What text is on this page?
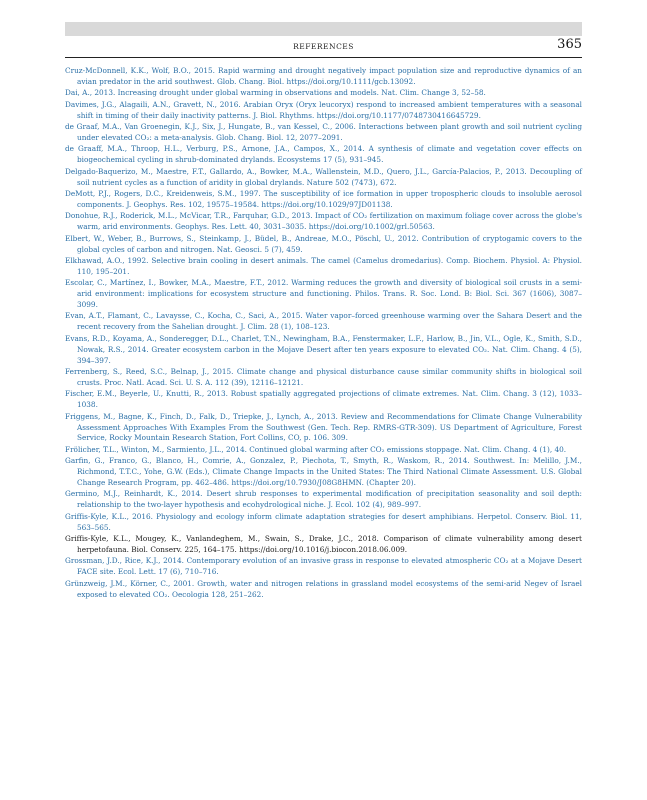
REFERENCES	365

Cruz-McDonnell, K.K., Wolf, B.O., 2015. Rapid warming and drought negatively impact population size and reproductive dynamics of an avian predator in the arid southwest. Glob. Chang. Biol. https://doi.org/10.1111/gcb.13092.

Dai, A., 2013. Increasing drought under global warming in observations and models. Nat. Clim. Change 3, 52–58.

Davimes, J.G., Alagaili, A.N., Gravett, N., 2016. Arabian Oryx (Oryx leucoryx) respond to increased ambient temperatures with a seasonal shift in timing of their daily inactivity patterns. J. Biol. Rhythms. https://doi.org/10.1177/0748730416645729.

de Graaf, M.A., Van Groenegin, K.J., Six, J., Hungate, B., van Kessel, C., 2006. Interactions between plant growth and soil nutrient cycling under elevated CO₂: a meta-analysis. Glob. Chang. Biol. 12, 2077–2091.

de Graaff, M.A., Throop, H.L., Verburg, P.S., Arnone, J.A., Campos, X., 2014. A synthesis of climate and vegetation cover effects on biogeochemical cycling in shrub-dominated drylands. Ecosystems 17 (5), 931–945.

Delgado-Baquerizo, M., Maestre, F.T., Gallardo, A., Bowker, M.A., Wallenstein, M.D., Quero, J.L., García-Palacios, P., 2013. Decoupling of soil nutrient cycles as a function of aridity in global drylands. Nature 502 (7473), 672.

DeMott, P.J., Rogers, D.C., Kreidenweis, S.M., 1997. The susceptibility of ice formation in upper tropospheric clouds to insoluble aerosol components. J. Geophys. Res. 102, 19575–19584. https://doi.org/10.1029/97JD01138.

Donohue, R.J., Roderick, M.L., McVicar, T.R., Farquhar, G.D., 2013. Impact of CO₂ fertilization on maximum foliage cover across the globe's warm, arid environments. Geophys. Res. Lett. 40, 3031–3035. https://doi.org/10.1002/grl.50563.

Elbert, W., Weber, B., Burrows, S., Steinkamp, J., Büdel, B., Andreae, M.O., Pöschl, U., 2012. Contribution of cryptogamic covers to the global cycles of carbon and nitrogen. Nat. Geosci. 5 (7), 459.

Elkhawad, A.O., 1992. Selective brain cooling in desert animals. The camel (Camelus dromedarius). Comp. Biochem. Physiol. A: Physiol. 110, 195–201.

Escolar, C., Martínez, I., Bowker, M.A., Maestre, F.T., 2012. Warming reduces the growth and diversity of biological soil crusts in a semi-arid environment: implications for ecosystem structure and functioning. Philos. Trans. R. Soc. Lond. B: Biol. Sci. 367 (1606), 3087–3099.

Evan, A.T., Flamant, C., Lavaysse, C., Kocha, C., Saci, A., 2015. Water vapor–forced greenhouse warming over the Sahara Desert and the recent recovery from the Sahelian drought. J. Clim. 28 (1), 108–123.

Evans, R.D., Koyama, A., Sonderegger, D.L., Charlet, T.N., Newingham, B.A., Fenstermaker, L.F., Harlow, B., Jin, V.L., Ogle, K., Smith, S.D., Nowak, R.S., 2014. Greater ecosystem carbon in the Mojave Desert after ten years exposure to elevated CO₂. Nat. Clim. Chang. 4 (5), 394–397.

Ferrenberg, S., Reed, S.C., Belnap, J., 2015. Climate change and physical disturbance cause similar community shifts in biological soil crusts. Proc. Natl. Acad. Sci. U. S. A. 112 (39), 12116–12121.

Fischer, E.M., Beyerle, U., Knutti, R., 2013. Robust spatially aggregated projections of climate extremes. Nat. Clim. Chang. 3 (12), 1033–1038.

Friggens, M., Bagne, K., Finch, D., Falk, D., Triepke, J., Lynch, A., 2013. Review and Recommendations for Climate Change Vulnerability Assessment Approaches With Examples From the Southwest (Gen. Tech. Rep. RMRS-GTR-309). US Department of Agriculture, Forest Service, Rocky Mountain Research Station, Fort Collins, CO, p. 106. 309.

Frölicher, T.L., Winton, M., Sarmiento, J.L., 2014. Continued global warming after CO₂ emissions stoppage. Nat. Clim. Chang. 4 (1), 40.

Garfin, G., Franco, G., Blanco, H., Comrie, A., Gonzalez, P., Piechota, T., Smyth, R., Waskom, R., 2014. Southwest. In: Melillo, J.M., Richmond, T.T.C., Yohe, G.W. (Eds.), Climate Change Impacts in the United States: The Third National Climate Assessment. U.S. Global Change Research Program, pp. 462–486. https://doi.org/10.7930/J08G8HMN. (Chapter 20).

Germino, M.J., Reinhardt, K., 2014. Desert shrub responses to experimental modification of precipitation seasonality and soil depth: relationship to the two-layer hypothesis and ecohydrological niche. J. Ecol. 102 (4), 989–997.

Griffis-Kyle, K.L., 2016. Physiology and ecology inform climate adaptation strategies for desert amphibians. Herpetol. Conserv. Biol. 11, 563–565.

Griffis-Kyle, K.L., Mougey, K., Vanlandeghem, M., Swain, S., Drake, J.C., 2018. Comparison of climate vulnerability among desert herpetofauna. Biol. Conserv. 225, 164–175. https://doi.org/10.1016/j.biocon.2018.06.009.

Grossman, J.D., Rice, K.J., 2014. Contemporary evolution of an invasive grass in response to elevated atmospheric CO₂ at a Mojave Desert FACE site. Ecol. Lett. 17 (6), 710–716.

Grünzweig, J.M., Körner, C., 2001. Growth, water and nitrogen relations in grassland model ecosystems of the semi-arid Negev of Israel exposed to elevated CO₂. Oecologia 128, 251–262.
